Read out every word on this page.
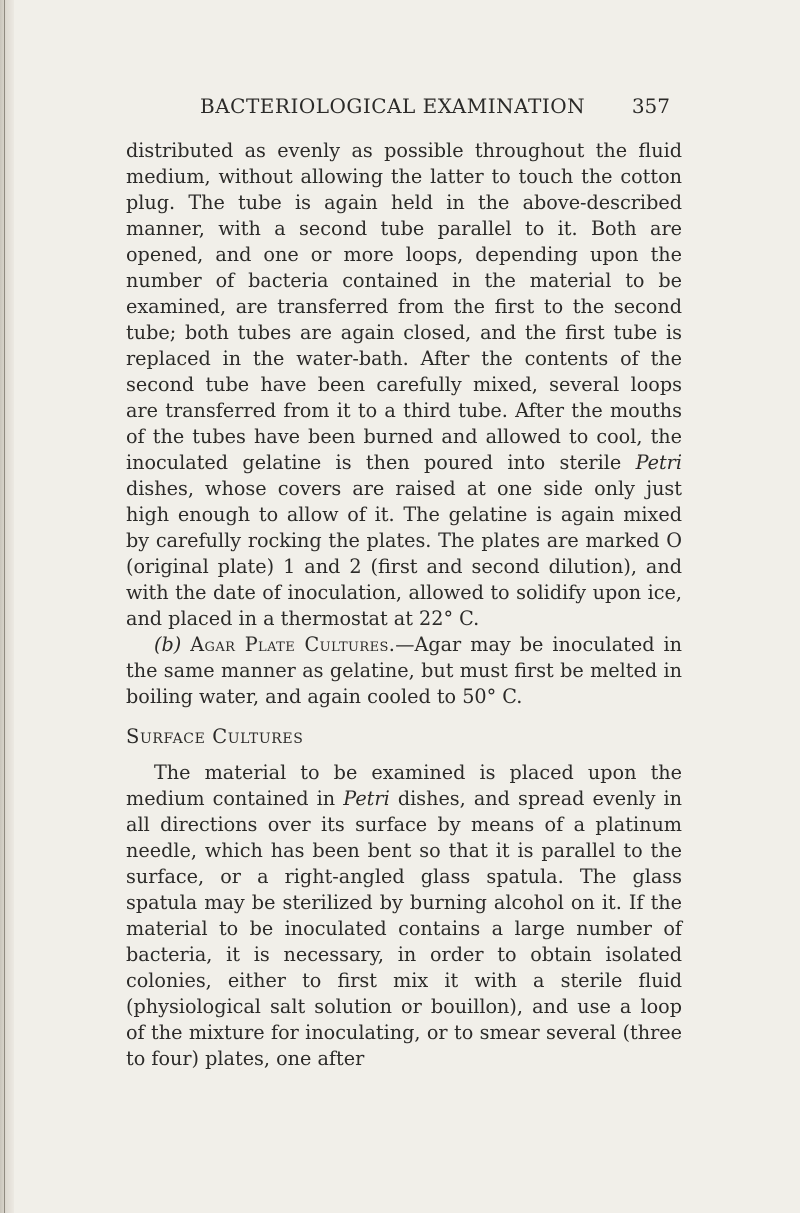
BACTERIOLOGICAL EXAMINATION 357

distributed as evenly as possible throughout the fluid medium, without allowing the latter to touch the cotton plug. The tube is again held in the above-described manner, with a second tube parallel to it. Both are opened, and one or more loops, depending upon the number of bacteria contained in the material to be examined, are transferred from the first to the second tube; both tubes are again closed, and the first tube is replaced in the water-bath. After the contents of the second tube have been carefully mixed, several loops are transferred from it to a third tube. After the mouths of the tubes have been burned and allowed to cool, the inoculated gelatine is then poured into sterile Petri dishes, whose covers are raised at one side only just high enough to allow of it. The gelatine is again mixed by carefully rocking the plates. The plates are marked O (original plate) 1 and 2 (first and second dilution), and with the date of inoculation, allowed to solidify upon ice, and placed in a thermostat at 22° C.

(b) Agar Plate Cultures.—Agar may be inoculated in the same manner as gelatine, but must first be melted in boiling water, and again cooled to 50° C.

Surface Cultures

The material to be examined is placed upon the medium contained in Petri dishes, and spread evenly in all directions over its surface by means of a platinum needle, which has been bent so that it is parallel to the surface, or a right-angled glass spatula. The glass spatula may be sterilized by burning alcohol on it. If the material to be inoculated contains a large number of bacteria, it is necessary, in order to obtain isolated colonies, either to first mix it with a sterile fluid (physiological salt solution or bouillon), and use a loop of the mixture for inoculating, or to smear several (three to four) plates, one after
